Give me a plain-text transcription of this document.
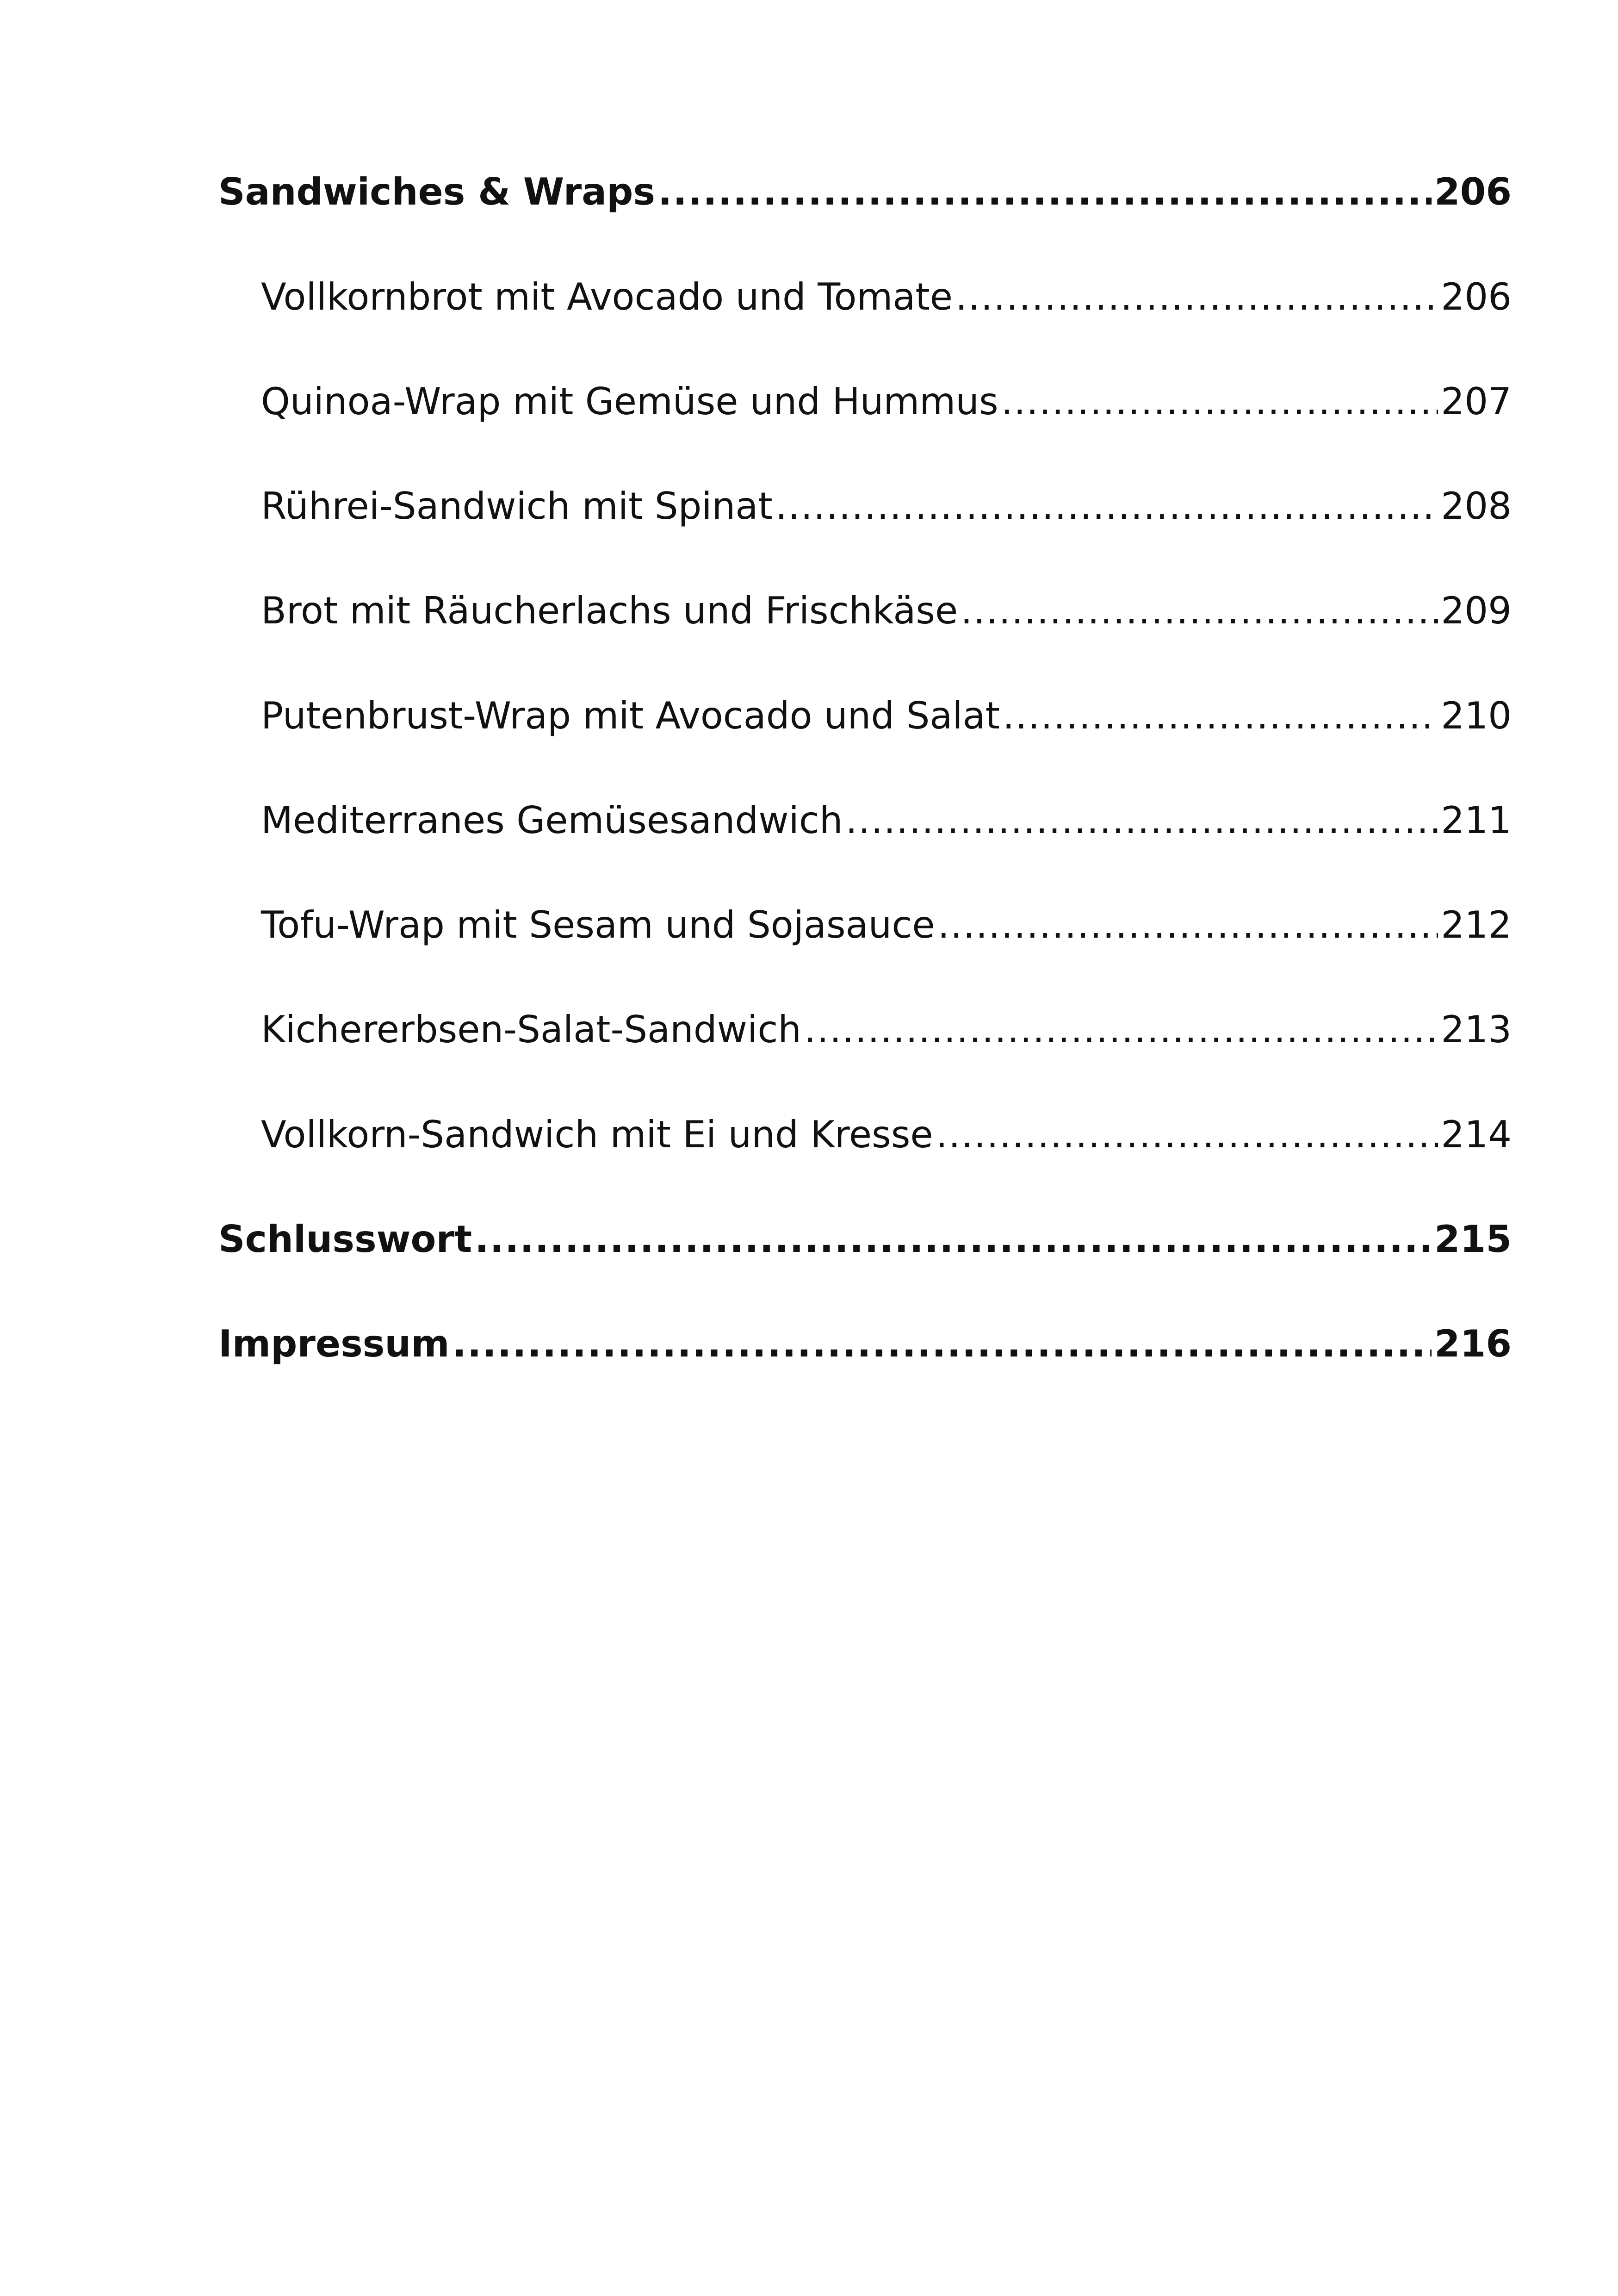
Sandwiches & Wraps .....	206
Vollkornbrot mit Avocado und Tomate .....	206
Quinoa-Wrap mit Gemüse und Hummus .....	207
Rührei-Sandwich mit Spinat .....	208
Brot mit Räucherlachs und Frischkäse .....	209
Putenbrust-Wrap mit Avocado und Salat .....	210
Mediterranes Gemüsesandwich .....	211
Tofu-Wrap mit Sesam und Sojasauce .....	212
Kichererbsen-Salat-Sandwich .....	213
Vollkorn-Sandwich mit Ei und Kresse .....	214
Schlusswort .....	215
Impressum .....	216
